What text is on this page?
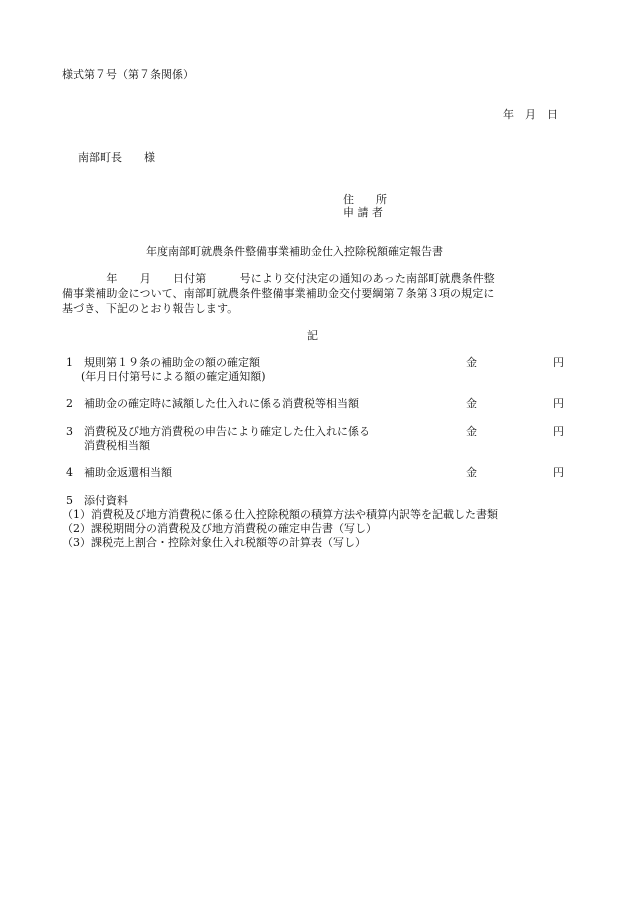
様式第７号（第７条関係）
年　月　日
南部町長　　様
住　　所
申 請 者
年度南部町就農条件整備事業補助金仕入控除税額確定報告書
　　　　年　　月　　日付第　　　号により交付決定の通知のあった南部町就農条件整
備事業補助金について、南部町就農条件整備事業補助金交付要綱第７条第３項の規定に
基づき、下記のとおり報告します。
記
1 規則第１９条の補助金の額の確定額
(年月日付第号による額の確定通知額)
金	円
2 補助金の確定時に減額した仕入れに係る消費税等相当額	金	円
3 消費税及び地方消費税の申告により確定した仕入れに係る
消費税相当額
金	円
4 補助金返還相当額	金	円
5 添付資料
（1）消費税及び地方消費税に係る仕入控除税額の積算方法や積算内訳等を記載した書類
（2）課税期間分の消費税及び地方消費税の確定申告書（写し）
（3）課税売上割合・控除対象仕入れ税額等の計算表（写し）
